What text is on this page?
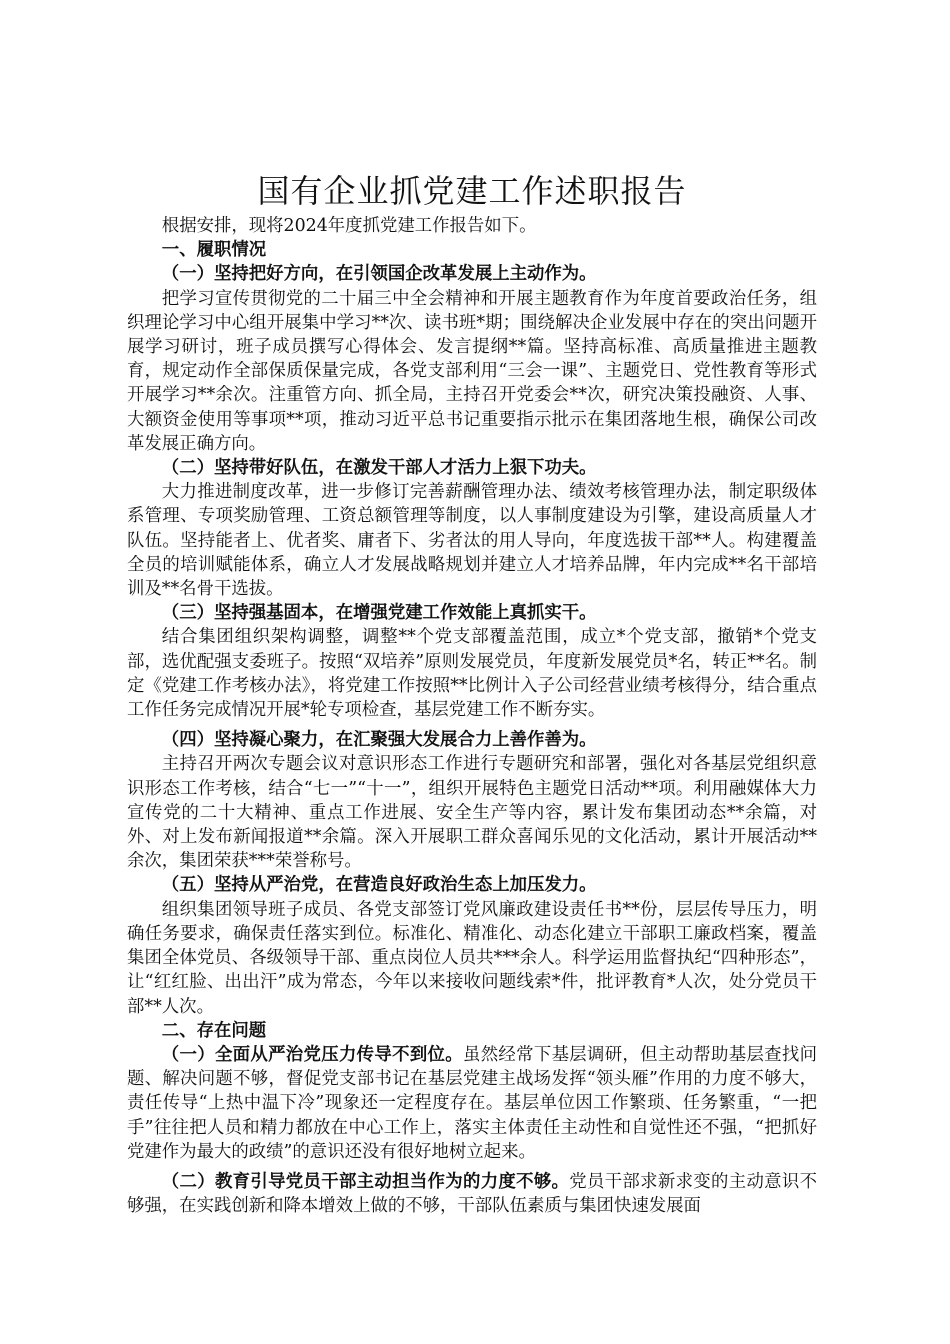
国有企业抓党建工作述职报告

根据安排，现将2024年度抓党建工作报告如下。

一、履职情况

（一）坚持把好方向，在引领国企改革发展上主动作为。

把学习宣传贯彻党的二十届三中全会精神和开展主题教育作为年度首要政治任务，组织理论学习中心组开展集中学习**次、读书班*期；围绕解决企业发展中存在的突出问题开展学习研讨，班子成员撰写心得体会、发言提纲**篇。坚持高标准、高质量推进主题教育，规定动作全部保质保量完成，各党支部利用“三会一课”、主题党日、党性教育等形式开展学习**余次。注重管方向、抓全局，主持召开党委会**次，研究决策投融资、人事、大额资金使用等事项**项，推动习近平总书记重要指示批示在集团落地生根，确保公司改革发展正确方向。

（二）坚持带好队伍，在激发干部人才活力上狠下功夫。

大力推进制度改革，进一步修订完善薪酬管理办法、绩效考核管理办法，制定职级体系管理、专项奖励管理、工资总额管理等制度，以人事制度建设为引擎，建设高质量人才队伍。坚持能者上、优者奖、庸者下、劣者汰的用人导向，年度选拔干部**人。构建覆盖全员的培训赋能体系，确立人才发展战略规划并建立人才培养品牌，年内完成**名干部培训及**名骨干选拔。

（三）坚持强基固本，在增强党建工作效能上真抓实干。

结合集团组织架构调整，调整**个党支部覆盖范围，成立*个党支部，撤销*个党支部，选优配强支委班子。按照“双培养”原则发展党员，年度新发展党员*名，转正**名。制定《党建工作考核办法》，将党建工作按照**比例计入子公司经营业绩考核得分，结合重点工作任务完成情况开展*轮专项检查，基层党建工作不断夯实。

（四）坚持凝心聚力，在汇聚强大发展合力上善作善为。

主持召开两次专题会议对意识形态工作进行专题研究和部署，强化对各基层党组织意识形态工作考核，结合“七一”“十一”，组织开展特色主题党日活动**项。利用融媒体大力宣传党的二十大精神、重点工作进展、安全生产等内容，累计发布集团动态**余篇，对外、对上发布新闻报道**余篇。深入开展职工群众喜闻乐见的文化活动，累计开展活动**余次，集团荣获***荣誉称号。

（五）坚持从严治党，在营造良好政治生态上加压发力。

组织集团领导班子成员、各党支部签订党风廉政建设责任书**份，层层传导压力，明确任务要求，确保责任落实到位。标准化、精准化、动态化建立干部职工廉政档案，覆盖集团全体党员、各级领导干部、重点岗位人员共***余人。科学运用监督执纪“四种形态”，让“红红脸、出出汗”成为常态，今年以来接收问题线索*件，批评教育*人次，处分党员干部**人次。

二、存在问题

（一）全面从严治党压力传导不到位。虽然经常下基层调研，但主动帮助基层查找问题、解决问题不够，督促党支部书记在基层党建主战场发挥“领头雁”作用的力度不够大，责任传导“上热中温下冷”现象还一定程度存在。基层单位因工作繁琐、任务繁重，“一把手”往往把人员和精力都放在中心工作上，落实主体责任主动性和自觉性还不强，“把抓好党建作为最大的政绩”的意识还没有很好地树立起来。

（二）教育引导党员干部主动担当作为的力度不够。党员干部求新求变的主动意识不够强，在实践创新和降本增效上做的不够，干部队伍素质与集团快速发展面
